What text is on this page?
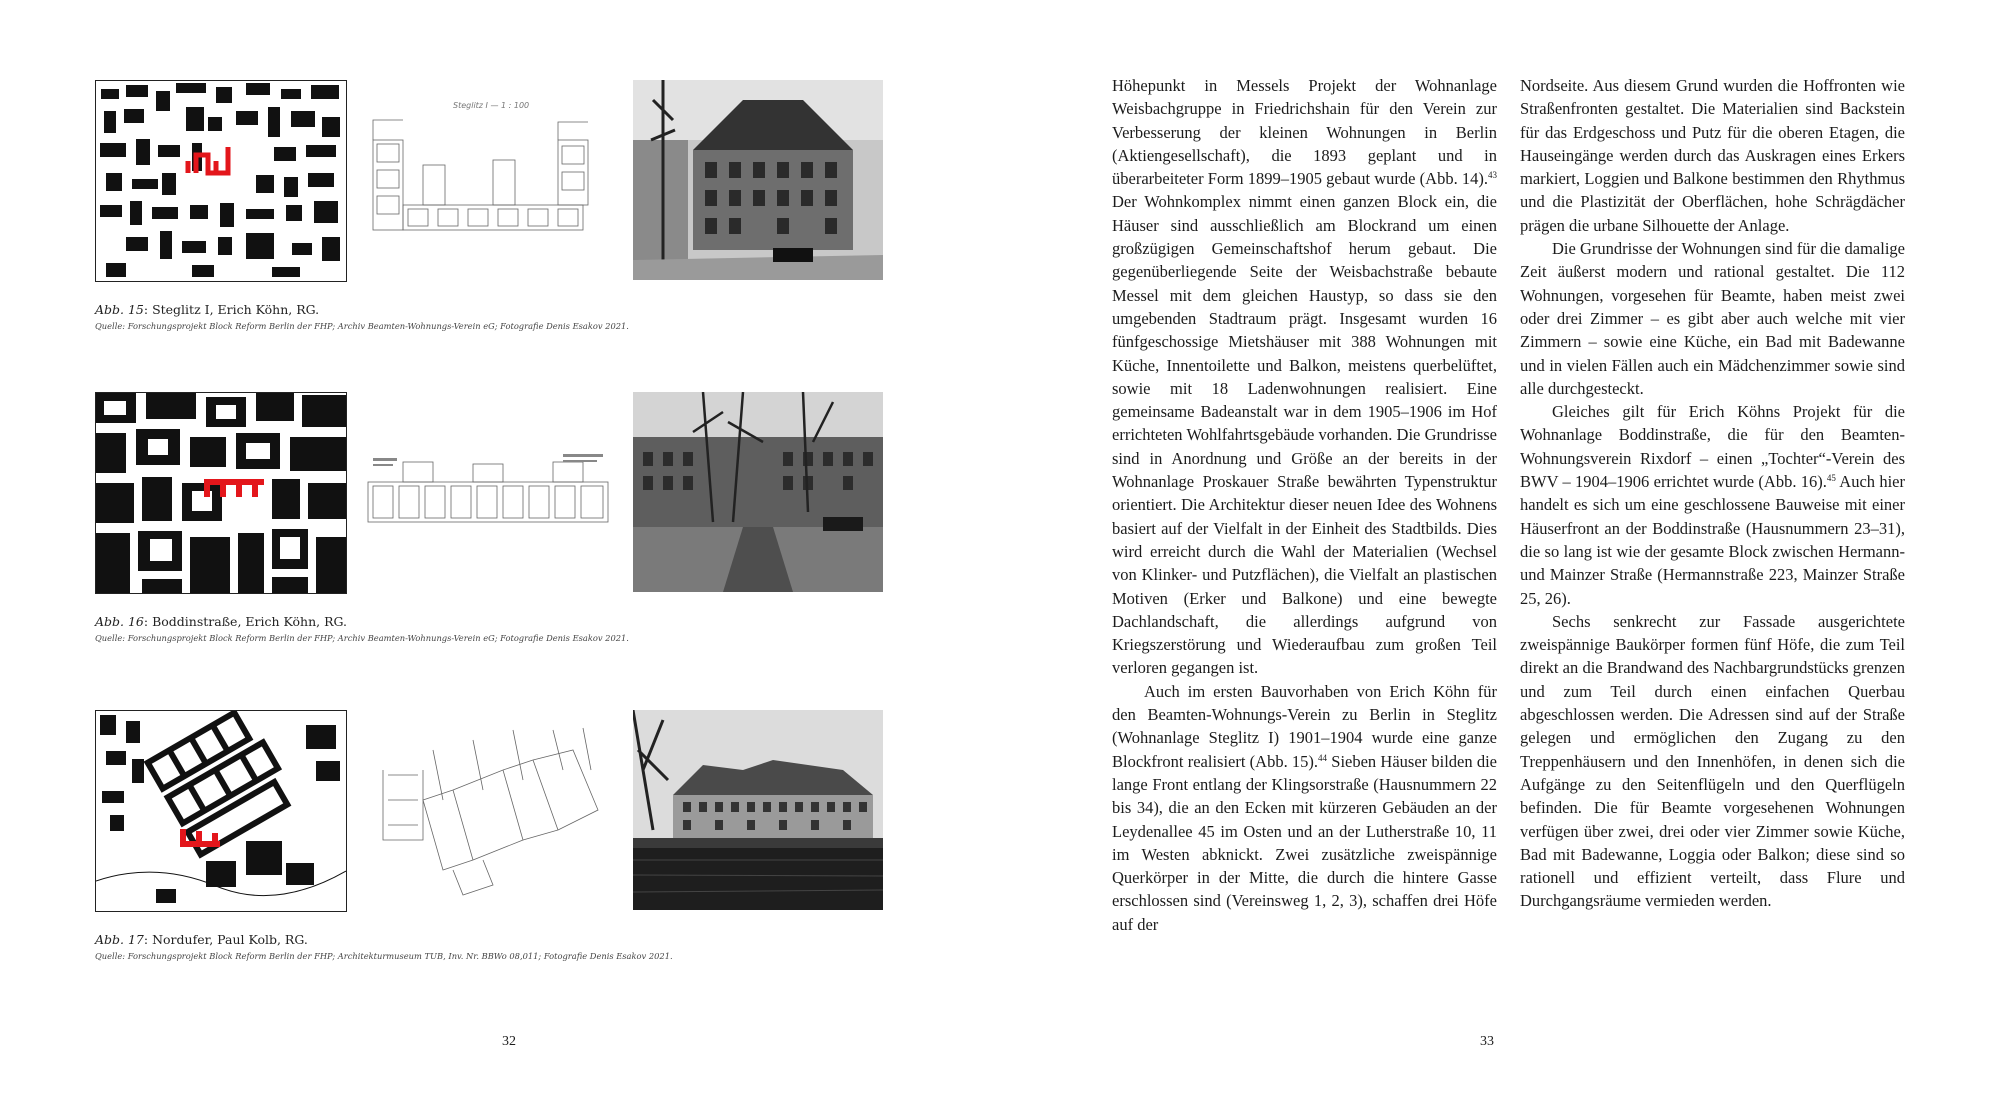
Steglitz I — 1 : 100
Abb. 15: Steglitz I, Erich Köhn, RG.
Quelle: Forschungsprojekt Block Reform Berlin der FHP; Archiv Beamten-Wohnungs-Verein eG; Fotografie Denis Esakov 2021.
Abb. 16: Boddinstraße, Erich Köhn, RG.
Quelle: Forschungsprojekt Block Reform Berlin der FHP; Archiv Beamten-Wohnungs-Verein eG; Fotografie Denis Esakov 2021.
Abb. 17: Nordufer, Paul Kolb, RG.
Quelle: Forschungsprojekt Block Reform Berlin der FHP; Architekturmuseum TUB, Inv. Nr. BBWo 08,011; Fotografie Denis Esakov 2021.

Höhepunkt in Messels Projekt der Wohnanlage Weisbachgruppe in Friedrichshain für den Verein zur Verbesserung der kleinen Wohnungen in Berlin (Aktiengesellschaft), die 1893 geplant und in überarbeiteter Form 1899–1905 gebaut wurde (Abb. 14).$^{43}$ Der Wohnkomplex nimmt einen ganzen Block ein, die Häuser sind ausschließlich am Blockrand um einen großzügigen Gemeinschaftshof herum gebaut. Die gegenüberliegende Seite der Weisbachstraße bebaute Messel mit dem gleichen Haustyp, so dass sie den umgebenden Stadtraum prägt. Insgesamt wurden 16 fünfgeschossige Mietshäuser mit 388 Wohnungen mit Küche, Innentoilette und Balkon, meistens querbelüftet, sowie mit 18 Ladenwohnungen realisiert. Eine gemeinsame Badeanstalt war in dem 1905–1906 im Hof errichteten Wohlfahrtsgebäude vorhanden. Die Grundrisse sind in Anordnung und Größe an der bereits in der Wohnanlage Proskauer Straße bewährten Typenstruktur orientiert. Die Architektur dieser neuen Idee des Wohnens basiert auf der Vielfalt in der Einheit des Stadtbilds. Dies wird erreicht durch die Wahl der Materialien (Wechsel von Klinker- und Putzflächen), die Vielfalt an plastischen Motiven (Erker und Balkone) und eine bewegte Dachlandschaft, die allerdings aufgrund von Kriegszerstörung und Wiederaufbau zum großen Teil verloren gegangen ist.

Auch im ersten Bauvorhaben von Erich Köhn für den Beamten-Wohnungs-Verein zu Berlin in Steglitz (Wohnanlage Steglitz I) 1901–1904 wurde eine ganze Blockfront realisiert (Abb. 15).$^{44}$ Sieben Häuser bilden die lange Front entlang der Klingsorstraße (Hausnummern 22 bis 34), die an den Ecken mit kürzeren Gebäuden an der Leydenallee 45 im Osten und an der Lutherstraße 10, 11 im Westen abknickt. Zwei zusätzliche zweispännige Querkörper in der Mitte, die durch die hintere Gasse erschlossen sind (Vereinsweg 1, 2, 3), schaffen drei Höfe auf der

Nordseite. Aus diesem Grund wurden die Hoffronten wie Straßenfronten gestaltet. Die Materialien sind Backstein für das Erdgeschoss und Putz für die oberen Etagen, die Hauseingänge werden durch das Auskragen eines Erkers markiert, Loggien und Balkone bestimmen den Rhythmus und die Plastizität der Oberflächen, hohe Schrägdächer prägen die urbane Silhouette der Anlage.

Die Grundrisse der Wohnungen sind für die damalige Zeit äußerst modern und rational gestaltet. Die 112 Wohnungen, vorgesehen für Beamte, haben meist zwei oder drei Zimmer – es gibt aber auch welche mit vier Zimmern – sowie eine Küche, ein Bad mit Badewanne und in vielen Fällen auch ein Mädchenzimmer sowie sind alle durchgesteckt.

Gleiches gilt für Erich Köhns Projekt für die Wohnanlage Boddinstraße, die für den Beamten-Wohnungsverein Rixdorf – einen „Tochter“-Verein des BWV – 1904–1906 errichtet wurde (Abb. 16).$^{45}$ Auch hier handelt es sich um eine geschlossene Bauweise mit einer Häuserfront an der Boddinstraße (Hausnummern 23–31), die so lang ist wie der gesamte Block zwischen Hermann- und Mainzer Straße (Hermannstraße 223, Mainzer Straße 25, 26).

Sechs senkrecht zur Fassade ausgerichtete zweispännige Baukörper formen fünf Höfe, die zum Teil direkt an die Brandwand des Nachbargrundstücks grenzen und zum Teil durch einen einfachen Querbau abgeschlossen werden. Die Adressen sind auf der Straße gelegen und ermöglichen den Zugang zu den Treppenhäusern und den Innenhöfen, in denen sich die Aufgänge zu den Seitenflügeln und den Querflügeln befinden. Die für Beamte vorgesehenen Wohnungen verfügen über zwei, drei oder vier Zimmer sowie Küche, Bad mit Badewanne, Loggia oder Balkon; diese sind so rationell und effizient verteilt, dass Flure und Durchgangsräume vermieden werden.

32	33
